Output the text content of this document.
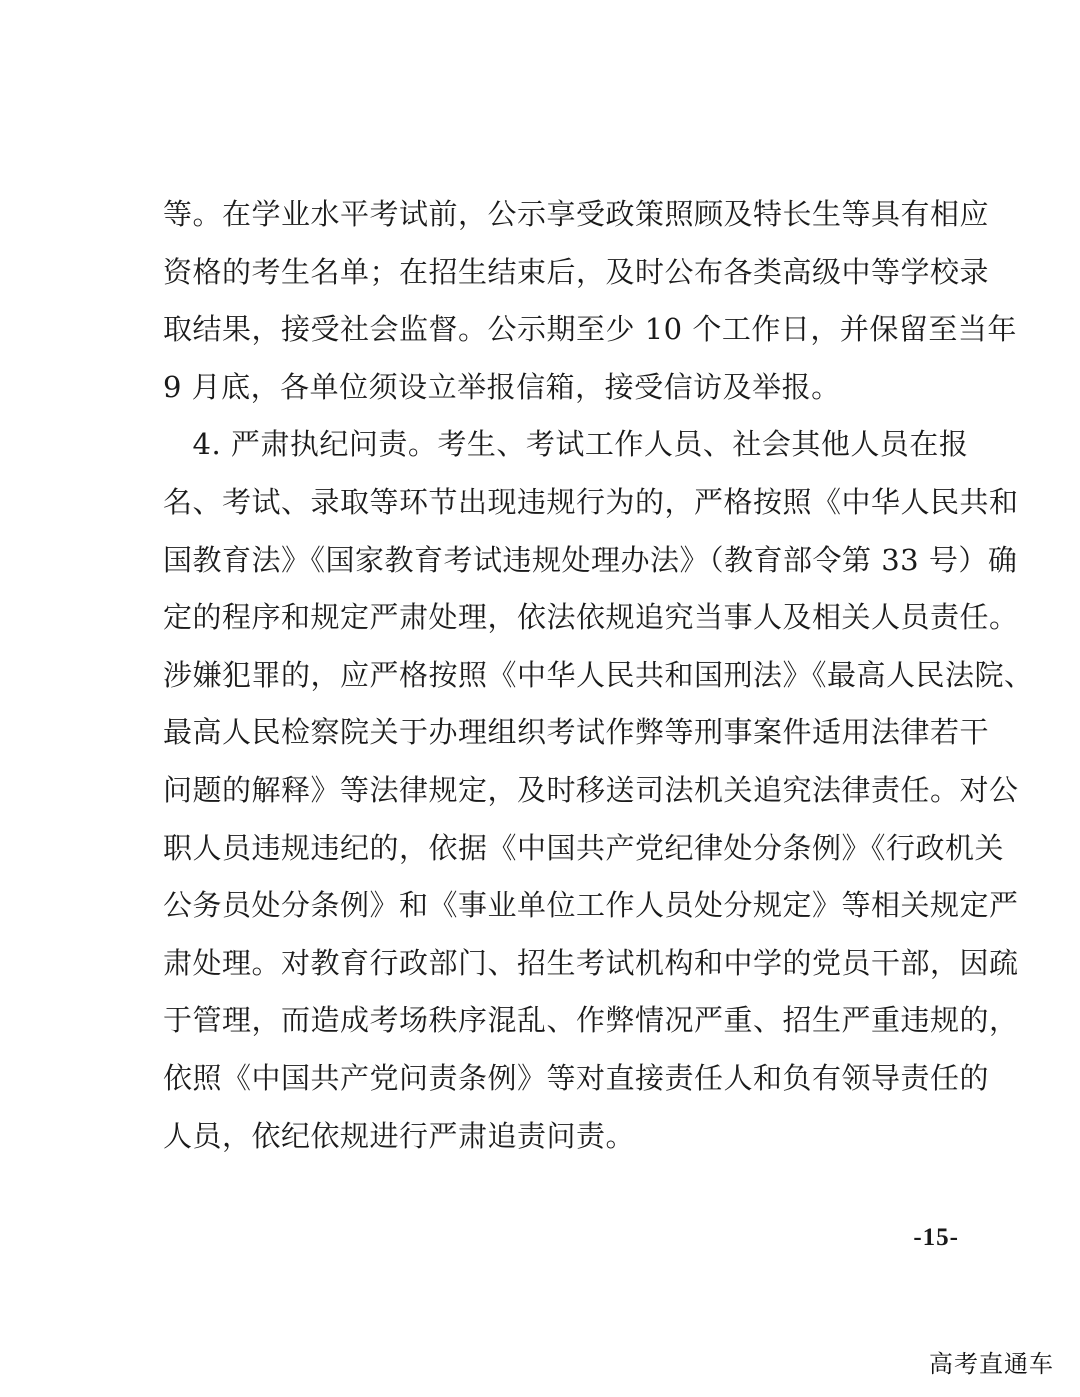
等。在学业水平考试前，公示享受政策照顾及特长生等具有相应
资格的考生名单；在招生结束后，及时公布各类高级中等学校录
取结果，接受社会监督。公示期至少 10 个工作日，并保留至当年
9 月底，各单位须设立举报信箱，接受信访及举报。
　4. 严肃执纪问责。考生、考试工作人员、社会其他人员在报
名、考试、录取等环节出现违规行为的，严格按照《中华人民共和
国教育法》《国家教育考试违规处理办法》（教育部令第 33 号）确
定的程序和规定严肃处理，依法依规追究当事人及相关人员责任。
涉嫌犯罪的，应严格按照《中华人民共和国刑法》《最高人民法院、
最高人民检察院关于办理组织考试作弊等刑事案件适用法律若干
问题的解释》等法律规定，及时移送司法机关追究法律责任。对公
职人员违规违纪的，依据《中国共产党纪律处分条例》《行政机关
公务员处分条例》和《事业单位工作人员处分规定》等相关规定严
肃处理。对教育行政部门、招生考试机构和中学的党员干部，因疏
于管理，而造成考场秩序混乱、作弊情况严重、招生严重违规的，
依照《中国共产党问责条例》等对直接责任人和负有领导责任的
人员，依纪依规进行严肃追责问责。
-15-
高考直通车
